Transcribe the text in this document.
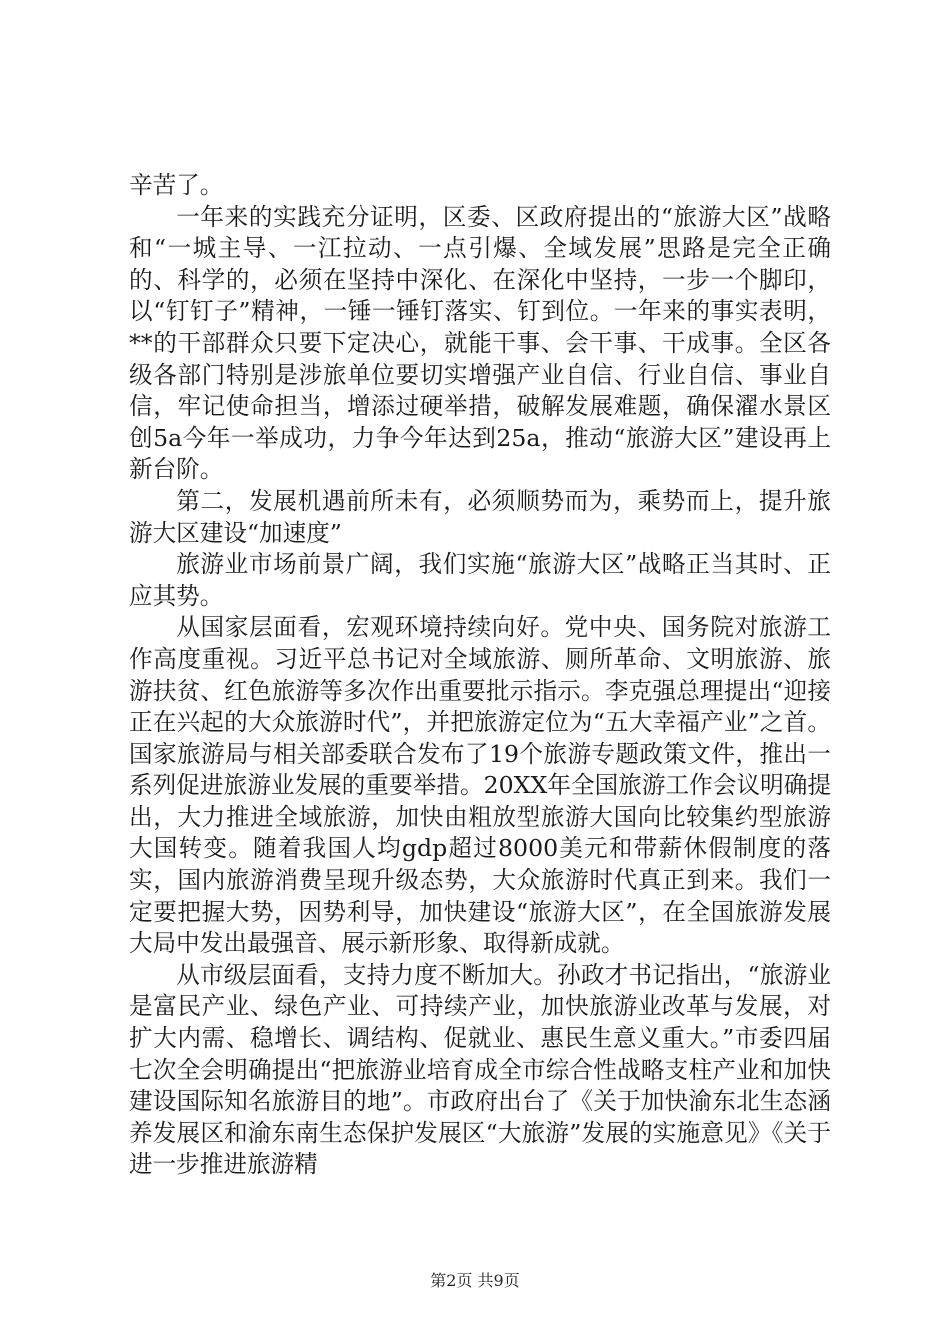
辛苦了。

一年来的实践充分证明，区委、区政府提出的“旅游大区”战略和“一城主导、一江拉动、一点引爆、全域发展”思路是完全正确的、科学的，必须在坚持中深化、在深化中坚持，一步一个脚印，以“钉钉子”精神，一锤一锤钉落实、钉到位。一年来的事实表明，**的干部群众只要下定决心，就能干事、会干事、干成事。全区各级各部门特别是涉旅单位要切实增强产业自信、行业自信、事业自信，牢记使命担当，增添过硬举措，破解发展难题，确保濯水景区创5a今年一举成功，力争今年达到25a，推动“旅游大区”建设再上新台阶。

第二，发展机遇前所未有，必须顺势而为，乘势而上，提升旅游大区建设“加速度”

旅游业市场前景广阔，我们实施“旅游大区”战略正当其时、正应其势。

从国家层面看，宏观环境持续向好。党中央、国务院对旅游工作高度重视。习近平总书记对全域旅游、厕所革命、文明旅游、旅游扶贫、红色旅游等多次作出重要批示指示。李克强总理提出“迎接正在兴起的大众旅游时代”，并把旅游定位为“五大幸福产业”之首。国家旅游局与相关部委联合发布了19个旅游专题政策文件，推出一系列促进旅游业发展的重要举措。20XX年全国旅游工作会议明确提出，大力推进全域旅游，加快由粗放型旅游大国向比较集约型旅游大国转变。随着我国人均gdp超过8000美元和带薪休假制度的落实，国内旅游消费呈现升级态势，大众旅游时代真正到来。我们一定要把握大势，因势利导，加快建设“旅游大区”，在全国旅游发展大局中发出最强音、展示新形象、取得新成就。

从市级层面看，支持力度不断加大。孙政才书记指出，“旅游业是富民产业、绿色产业、可持续产业，加快旅游业改革与发展，对扩大内需、稳增长、调结构、促就业、惠民生意义重大。”市委四届七次全会明确提出“把旅游业培育成全市综合性战略支柱产业和加快建设国际知名旅游目的地”。市政府出台了《关于加快渝东北生态涵养发展区和渝东南生态保护发展区“大旅游”发展的实施意见》《关于进一步推进旅游精

第2页 共9页
